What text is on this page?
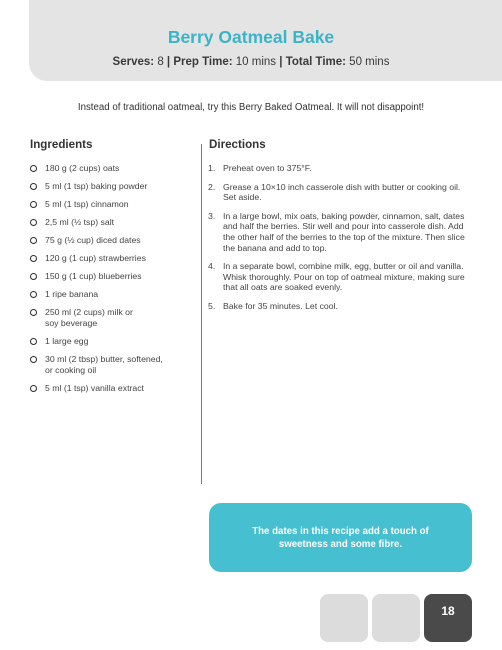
Berry Oatmeal Bake
Serves: 8 | Prep Time: 10 mins | Total Time: 50 mins
Instead of traditional oatmeal, try this Berry Baked Oatmeal. It will not disappoint!
Ingredients
180 g (2 cups) oats
5 ml (1 tsp) baking powder
5 ml (1 tsp) cinnamon
2,5 ml (½ tsp) salt
75 g (½ cup) diced dates
120 g (1 cup) strawberries
150 g (1 cup) blueberries
1 ripe banana
250 ml (2 cups) milk or
soy beverage
1 large egg
30 ml (2 tbsp) butter, softened,
or cooking oil
5 ml (1 tsp) vanilla extract
Directions
1. Preheat oven to 375°F.
2. Grease a 10×10 inch casserole dish with butter or cooking oil. Set aside.
3. In a large bowl, mix oats, baking powder, cinnamon, salt, dates and half the berries. Stir well and pour into casserole dish. Add the other half of the berries to the top of the mixture. Then slice the banana and add to top.
4. In a separate bowl, combine milk, egg, butter or oil and vanilla. Whisk thoroughly. Pour on top of oatmeal mixture, making sure that all oats are soaked evenly.
5. Bake for 35 minutes. Let cool.
The dates in this recipe add a touch of sweetness and some fibre.
18
